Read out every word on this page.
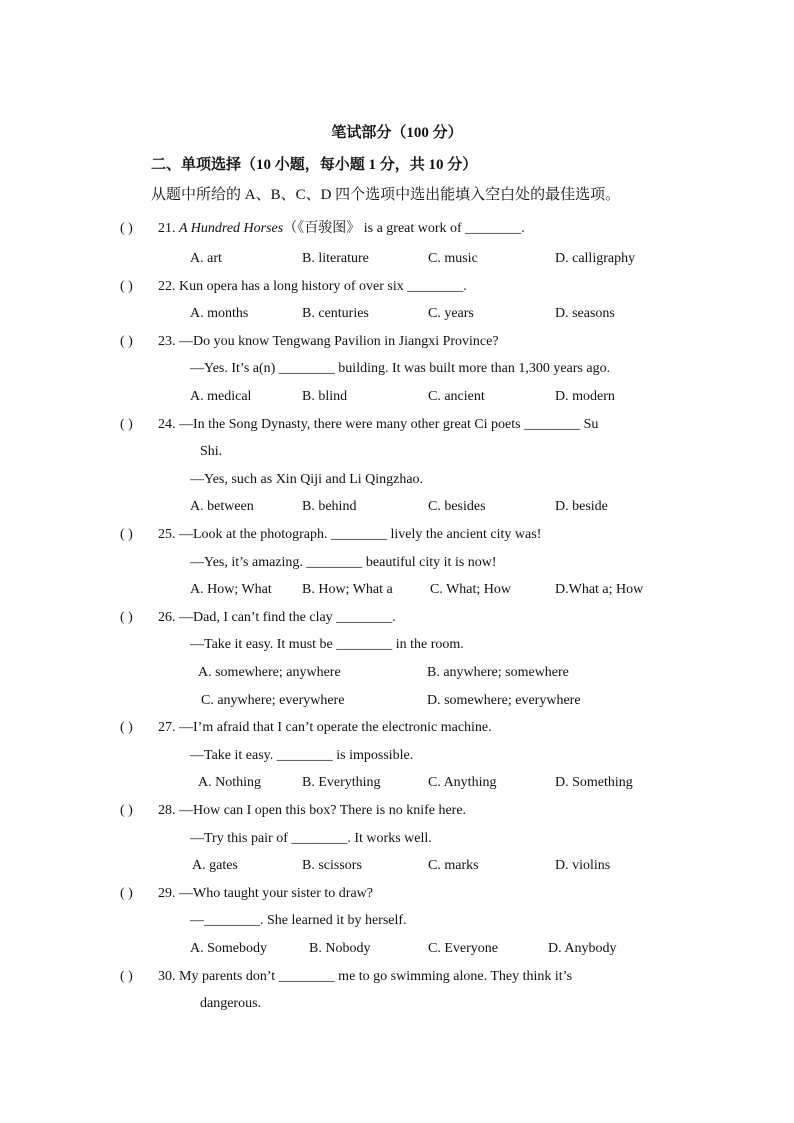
笔试部分（100 分）
二、单项选择（10 小题，每小题 1 分，共 10 分）
从题中所给的 A、B、C、D 四个选项中选出能填入空白处的最佳选项。
( ) 21. A Hundred Horses（《百骏图》 is a great work of ________.
A. art	B. literature	C. music	D. calligraphy
( ) 22. Kun opera has a long history of over six ________.
A. months	B. centuries	C. years	D. seasons
( ) 23. —Do you know Tengwang Pavilion in Jiangxi Province?
—Yes. It’s a(n) ________ building. It was built more than 1,300 years ago.
A. medical	B. blind	C. ancient	D. modern
( ) 24. —In the Song Dynasty, there were many other great Ci poets ________ Su
Shi.
—Yes, such as Xin Qiji and Li Qingzhao.
A. between	B. behind	C. besides	D. beside
( ) 25. —Look at the photograph. ________ lively the ancient city was!
—Yes, it’s amazing. ________ beautiful city it is now!
A. How; What B. How; What a	C. What; How	D.What a; How
( ) 26. —Dad, I can’t find the clay ________.
—Take it easy. It must be ________ in the room.
A. somewhere; anywhere	B. anywhere; somewhere
C. anywhere; everywhere	D. somewhere; everywhere
( ) 27. —I’m afraid that I can’t operate the electronic machine.
—Take it easy. ________ is impossible.
A. Nothing	B. Everything	C. Anything	D. Something
( ) 28. —How can I open this box? There is no knife here.
—Try this pair of ________. It works well.
A. gates	B. scissors	C. marks	D. violins
( ) 29. —Who taught your sister to draw?
—________. She learned it by herself.
A. Somebody	B. Nobody	C. Everyone	D. Anybody
( ) 30. My parents don’t ________ me to go swimming alone. They think it’s
dangerous.
